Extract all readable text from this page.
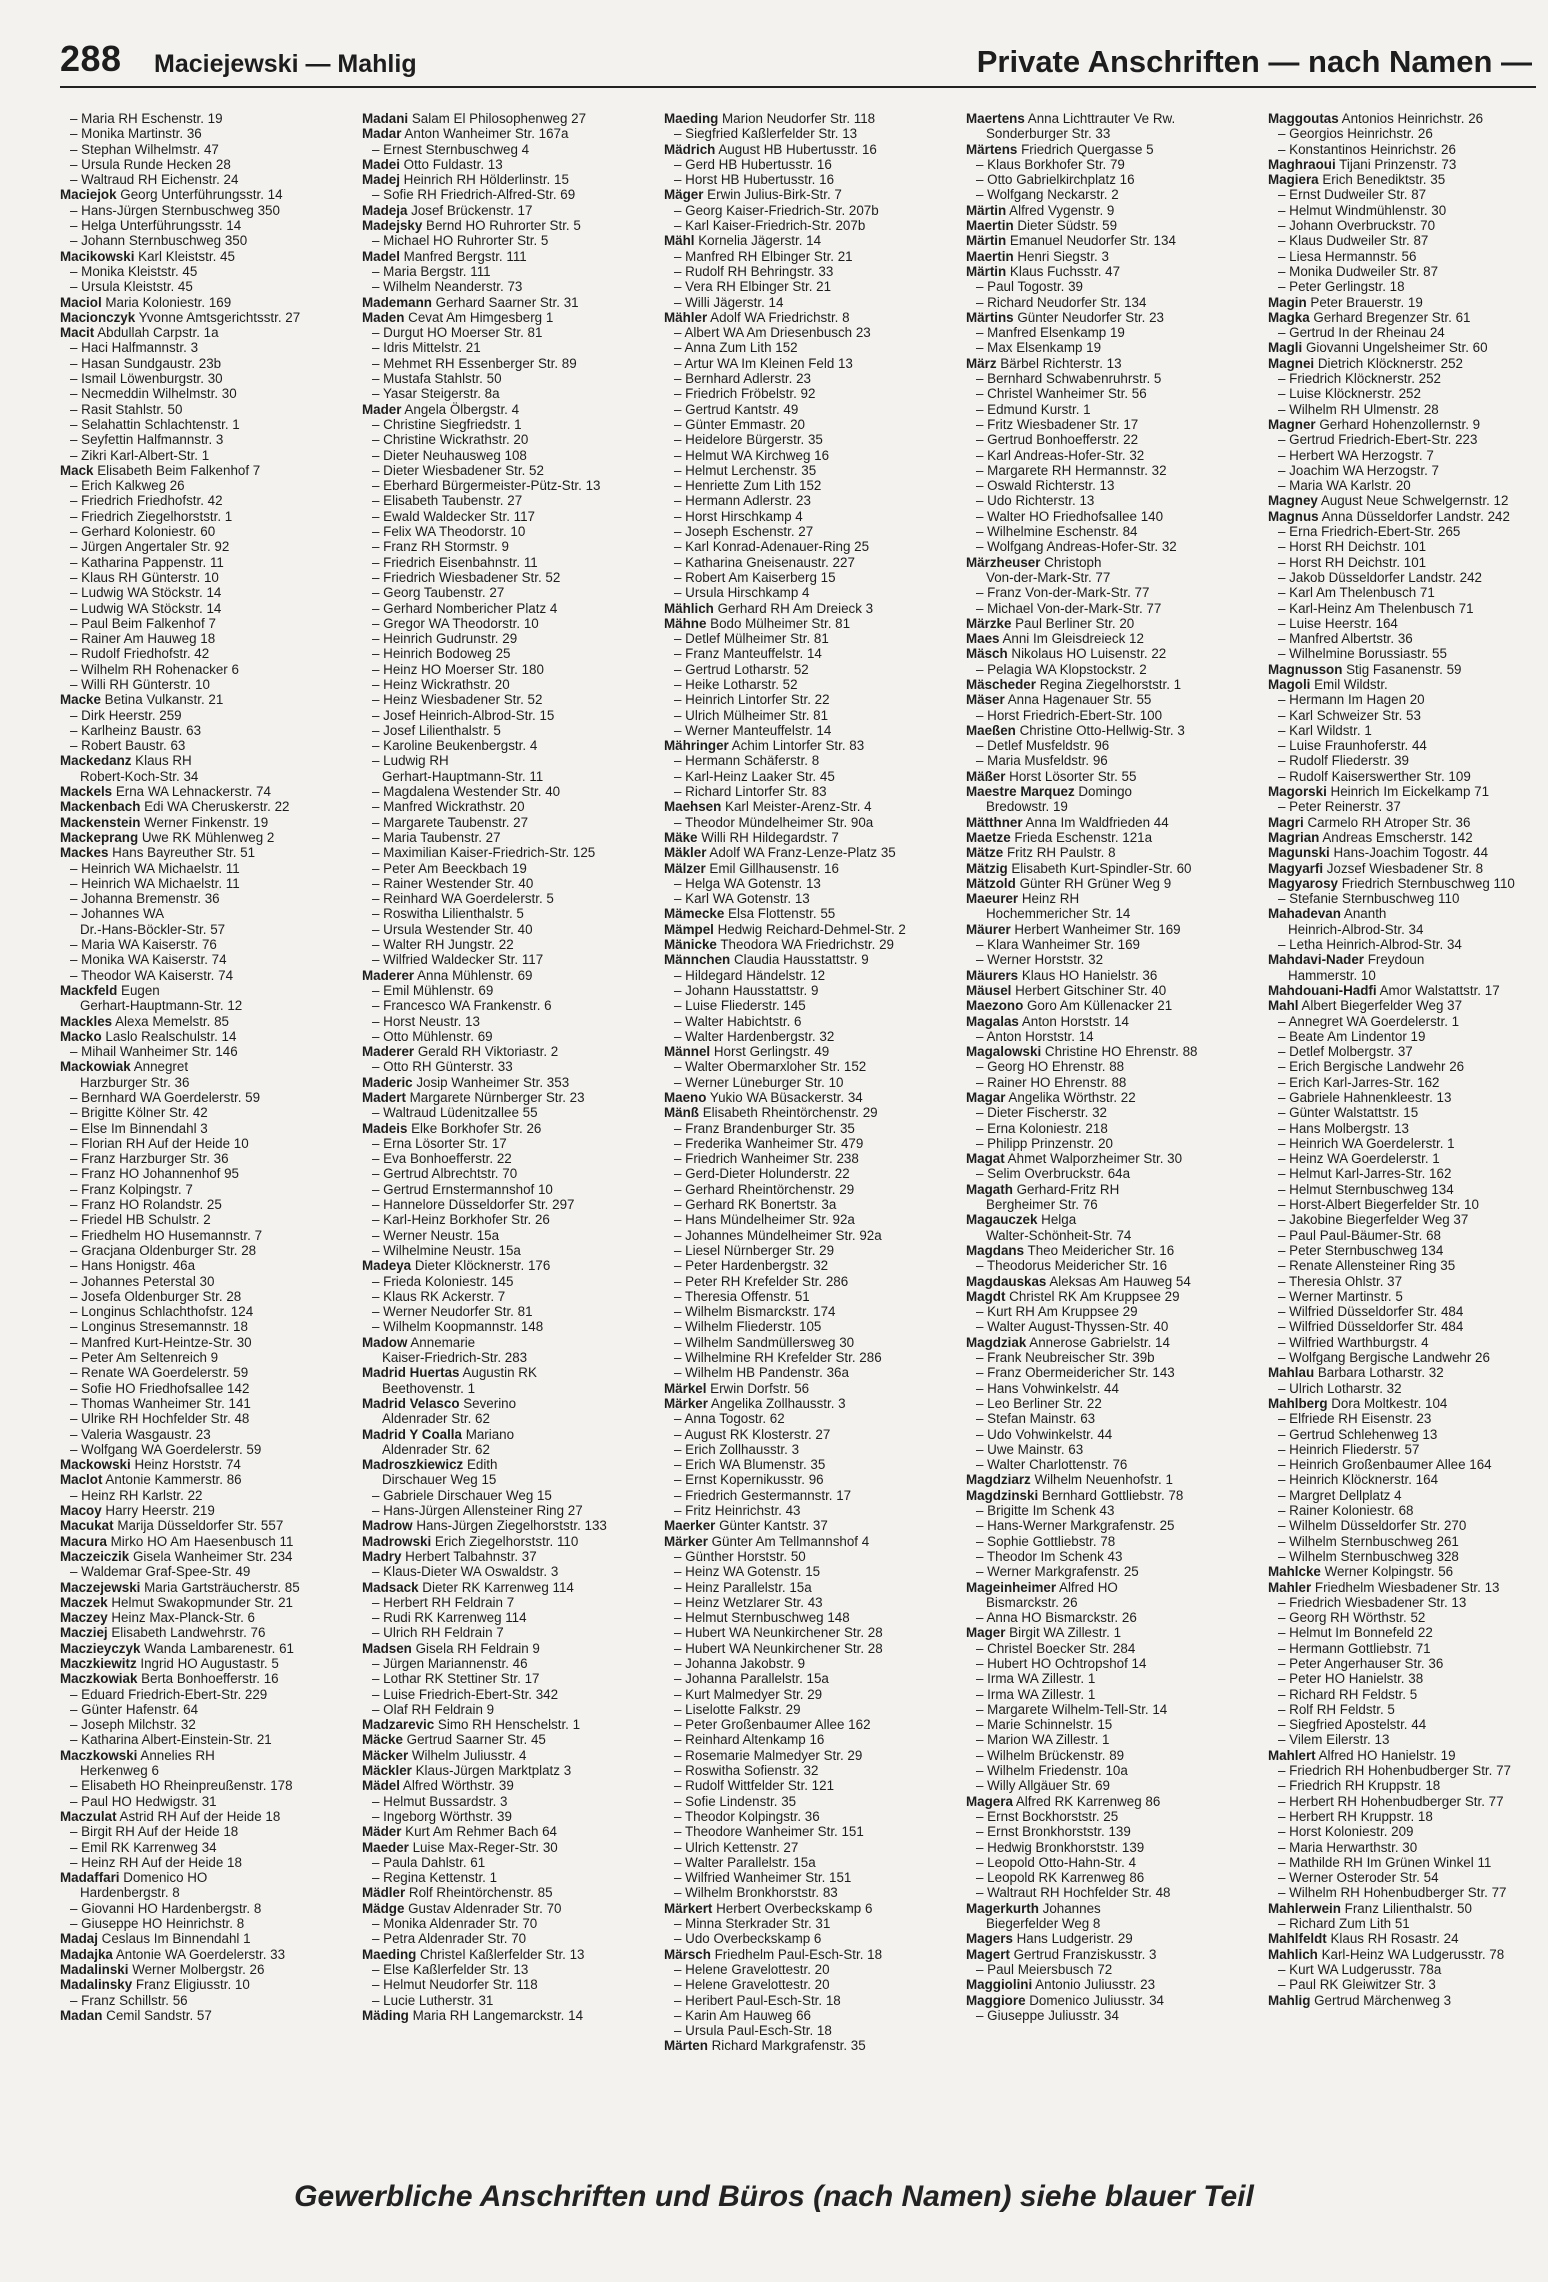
288 Maciejewski — Mahlig	Private Anschriften — nach Namen —
– Maria RH Eschenstr. 19
– Monika Martinstr. 36
– Stephan Wilhelmstr. 47
– Ursula Runde Hecken 28
– Waltraud RH Eichenstr. 24
Maciejok Georg Unterführungsstr. 14
– Hans-Jürgen Sternbuschweg 350
– Helga Unterführungsstr. 14
– Johann Sternbuschweg 350
Macikowski Karl Kleiststr. 45
– Monika Kleiststr. 45
– Ursula Kleiststr. 45
Maciol Maria Koloniestr. 169
Macionczyk Yvonne Amtsgerichtsstr. 27
Macit Abdullah Carpstr. 1a
– Haci Halfmannstr. 3
– Hasan Sundgaustr. 23b
– Ismail Löwenburgstr. 30
– Necmeddin Wilhelmstr. 30
– Rasit Stahlstr. 50
– Selahattin Schlachtenstr. 1
– Seyfettin Halfmannstr. 3
– Zikri Karl-Albert-Str. 1
Mack Elisabeth Beim Falkenhof 7
– Erich Kalkweg 26
– Friedrich Friedhofstr. 42
– Friedrich Ziegelhorststr. 1
– Gerhard Koloniestr. 60
– Jürgen Angertaler Str. 92
– Katharina Pappenstr. 11
– Klaus RH Günterstr. 10
– Ludwig WA Stöckstr. 14
– Ludwig WA Stöckstr. 14
– Paul Beim Falkenhof 7
– Rainer Am Hauweg 18
– Rudolf Friedhofstr. 42
– Wilhelm RH Rohenacker 6
– Willi RH Günterstr. 10
Macke Betina Vulkanstr. 21
– Dirk Heerstr. 259
– Karlheinz Baustr. 63
– Robert Baustr. 63
Mackedanz Klaus RH
Robert-Koch-Str. 34
Mackels Erna WA Lehnackerstr. 74
Mackenbach Edi WA Cheruskerstr. 22
Mackenstein Werner Finkenstr. 19
Mackeprang Uwe RK Mühlenweg 2
Mackes Hans Bayreuther Str. 51
– Heinrich WA Michaelstr. 11
– Heinrich WA Michaelstr. 11
– Johanna Bremenstr. 36
– Johannes WA
Dr.-Hans-Böckler-Str. 57
– Maria WA Kaiserstr. 76
– Monika WA Kaiserstr. 74
– Theodor WA Kaiserstr. 74
Mackfeld Eugen
Gerhart-Hauptmann-Str. 12
Mackles Alexa Memelstr. 85
Macko Laslo Realschulstr. 14
– Mihail Wanheimer Str. 146
Mackowiak Annegret
Harzburger Str. 36
– Bernhard WA Goerdelerstr. 59
– Brigitte Kölner Str. 42
– Else Im Binnendahl 3
– Florian RH Auf der Heide 10
– Franz Harzburger Str. 36
– Franz HO Johannenhof 95
– Franz Kolpingstr. 7
– Franz HO Rolandstr. 25
– Friedel HB Schulstr. 2
– Friedhelm HO Husemannstr. 7
– Gracjana Oldenburger Str. 28
– Hans Honigstr. 46a
– Johannes Peterstal 30
– Josefa Oldenburger Str. 28
– Longinus Schlachthofstr. 124
– Longinus Stresemannstr. 18
– Manfred Kurt-Heintze-Str. 30
– Peter Am Seltenreich 9
– Renate WA Goerdelerstr. 59
– Sofie HO Friedhofsallee 142
– Thomas Wanheimer Str. 141
– Ulrike RH Hochfelder Str. 48
– Valeria Wasgaustr. 23
– Wolfgang WA Goerdelerstr. 59
Mackowski Heinz Horststr. 74
Maclot Antonie Kammerstr. 86
– Heinz RH Karlstr. 22
Macoy Harry Heerstr. 219
Macukat Marija Düsseldorfer Str. 557
Macura Mirko HO Am Haesenbusch 11
Maczeiczik Gisela Wanheimer Str. 234
– Waldemar Graf-Spee-Str. 49
Maczejewski Maria Gartsträucherstr. 85
Maczek Helmut Swakopmunder Str. 21
Maczey Heinz Max-Planck-Str. 6
Macziej Elisabeth Landwehrstr. 76
Maczieyczyk Wanda Lambarenestr. 61
Maczkiewitz Ingrid HO Augustastr. 5
Maczkowiak Berta Bonhoefferstr. 16
– Eduard Friedrich-Ebert-Str. 229
– Günter Hafenstr. 64
– Joseph Milchstr. 32
– Katharina Albert-Einstein-Str. 21
Maczkowski Annelies RH
Herkenweg 6
– Elisabeth HO Rheinpreußenstr. 178
– Paul HO Hedwigstr. 31
Maczulat Astrid RH Auf der Heide 18
– Birgit RH Auf der Heide 18
– Emil RK Karrenweg 34
– Heinz RH Auf der Heide 18
Madaffari Domenico HO
Hardenbergstr. 8
– Giovanni HO Hardenbergstr. 8
– Giuseppe HO Heinrichstr. 8
Madaj Ceslaus Im Binnendahl 1
Madajka Antonie WA Goerdelerstr. 33
Madalinski Werner Molbergstr. 26
Madalinsky Franz Eligiusstr. 10
– Franz Schillstr. 56
Madan Cemil Sandstr. 57
Madani Salam El Philosophenweg 27
Madar Anton Wanheimer Str. 167a
– Ernest Sternbuschweg 4
Madei Otto Fuldastr. 13
Madej Heinrich RH Hölderlinstr. 15
– Sofie RH Friedrich-Alfred-Str. 69
Madeja Josef Brückenstr. 17
Madejsky Bernd HO Ruhrorter Str. 5
– Michael HO Ruhrorter Str. 5
Madel Manfred Bergstr. 111
– Maria Bergstr. 111
– Wilhelm Neanderstr. 73
Mademann Gerhard Saarner Str. 31
Maden Cevat Am Himgesberg 1
– Durgut HO Moerser Str. 81
– Idris Mittelstr. 21
– Mehmet RH Essenberger Str. 89
– Mustafa Stahlstr. 50
– Yasar Steigerstr. 8a
Mader Angela Ölbergstr. 4
– Christine Siegfriedstr. 1
– Christine Wickrathstr. 20
– Dieter Neuhausweg 108
– Dieter Wiesbadener Str. 52
– Eberhard Bürgermeister-Pütz-Str. 13
– Elisabeth Taubenstr. 27
– Ewald Waldecker Str. 117
– Felix WA Theodorstr. 10
– Franz RH Stormstr. 9
– Friedrich Eisenbahnstr. 11
– Friedrich Wiesbadener Str. 52
– Georg Taubenstr. 27
– Gerhard Nombericher Platz 4
– Gregor WA Theodorstr. 10
– Heinrich Gudrunstr. 29
– Heinrich Bodoweg 25
– Heinz HO Moerser Str. 180
– Heinz Wickrathstr. 20
– Heinz Wiesbadener Str. 52
– Josef Heinrich-Albrod-Str. 15
– Josef Lilienthalstr. 5
– Karoline Beukenbergstr. 4
– Ludwig RH
Gerhart-Hauptmann-Str. 11
– Magdalena Westender Str. 40
– Manfred Wickrathstr. 20
– Margarete Taubenstr. 27
– Maria Taubenstr. 27
– Maximilian Kaiser-Friedrich-Str. 125
– Peter Am Beeckbach 19
– Rainer Westender Str. 40
– Reinhard WA Goerdelerstr. 5
– Roswitha Lilienthalstr. 5
– Ursula Westender Str. 40
– Walter RH Jungstr. 22
– Wilfried Waldecker Str. 117
Maderer Anna Mühlenstr. 69
– Emil Mühlenstr. 69
– Francesco WA Frankenstr. 6
– Horst Neustr. 13
– Otto Mühlenstr. 69
Maderer Gerald RH Viktoriastr. 2
– Otto RH Günterstr. 33
Maderic Josip Wanheimer Str. 353
Madert Margarete Nürnberger Str. 23
– Waltraud Lüdenitzallee 55
Madeis Elke Borkhofer Str. 26
– Erna Lösorter Str. 17
– Eva Bonhoefferstr. 22
– Gertrud Albrechtstr. 70
– Gertrud Ernstermannshof 10
– Hannelore Düsseldorfer Str. 297
– Karl-Heinz Borkhofer Str. 26
– Werner Neustr. 15a
– Wilhelmine Neustr. 15a
Madeya Dieter Klöcknerstr. 176
– Frieda Koloniestr. 145
– Klaus RK Ackerstr. 7
– Werner Neudorfer Str. 81
– Wilhelm Koopmannstr. 148
Madow Annemarie
Kaiser-Friedrich-Str. 283
Madrid Huertas Augustin RK
Beethovenstr. 1
Madrid Velasco Severino
Aldenrader Str. 62
Madrid Y Coalla Mariano
Aldenrader Str. 62
Madroszkiewicz Edith
Dirschauer Weg 15
– Gabriele Dirschauer Weg 15
– Hans-Jürgen Allensteiner Ring 27
Madrow Hans-Jürgen Ziegelhorststr. 133
Madrowski Erich Ziegelhorststr. 110
Madry Herbert Talbahnstr. 37
– Klaus-Dieter WA Oswaldstr. 3
Madsack Dieter RK Karrenweg 114
– Herbert RH Feldrain 7
– Rudi RK Karrenweg 114
– Ulrich RH Feldrain 7
Madsen Gisela RH Feldrain 9
– Jürgen Mariannenstr. 46
– Lothar RK Stettiner Str. 17
– Luise Friedrich-Ebert-Str. 342
– Olaf RH Feldrain 9
Madzarevic Simo RH Henschelstr. 1
Mäcke Gertrud Saarner Str. 45
Mäcker Wilhelm Juliusstr. 4
Mäckler Klaus-Jürgen Marktplatz 3
Mädel Alfred Wörthstr. 39
– Helmut Bussardstr. 3
– Ingeborg Wörthstr. 39
Mäder Kurt Am Rehmer Bach 64
Maeder Luise Max-Reger-Str. 30
– Paula Dahlstr. 61
– Regina Kettenstr. 1
Mädler Rolf Rheintörchenstr. 85
Mädge Gustav Aldenrader Str. 70
– Monika Aldenrader Str. 70
– Petra Aldenrader Str. 70
Maeding Christel Kaßlerfelder Str. 13
– Else Kaßlerfelder Str. 13
– Helmut Neudorfer Str. 118
– Lucie Lutherstr. 31
Mäding Maria RH Langemarckstr. 14
Maeding Marion Neudorfer Str. 118
– Siegfried Kaßlerfelder Str. 13
Mädrich August HB Hubertusstr. 16
– Gerd HB Hubertusstr. 16
– Horst HB Hubertusstr. 16
Mäger Erwin Julius-Birk-Str. 7
– Georg Kaiser-Friedrich-Str. 207b
– Karl Kaiser-Friedrich-Str. 207b
Mähl Kornelia Jägerstr. 14
– Manfred RH Elbinger Str. 21
– Rudolf RH Behringstr. 33
– Vera RH Elbinger Str. 21
– Willi Jägerstr. 14
Mähler Adolf WA Friedrichstr. 8
– Albert WA Am Driesenbusch 23
– Anna Zum Lith 152
– Artur WA Im Kleinen Feld 13
– Bernhard Adlerstr. 23
– Friedrich Fröbelstr. 92
– Gertrud Kantstr. 49
– Günter Emmastr. 20
– Heidelore Bürgerstr. 35
– Helmut WA Kirchweg 16
– Helmut Lerchenstr. 35
– Henriette Zum Lith 152
– Hermann Adlerstr. 23
– Horst Hirschkamp 4
– Joseph Eschenstr. 27
– Karl Konrad-Adenauer-Ring 25
– Katharina Gneisenaustr. 227
– Robert Am Kaiserberg 15
– Ursula Hirschkamp 4
Mählich Gerhard RH Am Dreieck 3
Mähne Bodo Mülheimer Str. 81
– Detlef Mülheimer Str. 81
– Franz Manteuffelstr. 14
– Gertrud Lotharstr. 52
– Heike Lotharstr. 52
– Heinrich Lintorfer Str. 22
– Ulrich Mülheimer Str. 81
– Werner Manteuffelstr. 14
Mähringer Achim Lintorfer Str. 83
– Hermann Schäferstr. 8
– Karl-Heinz Laaker Str. 45
– Richard Lintorfer Str. 83
Maehsen Karl Meister-Arenz-Str. 4
– Theodor Mündelheimer Str. 90a
Mäke Willi RH Hildegardstr. 7
Mäkler Adolf WA Franz-Lenze-Platz 35
Mälzer Emil Gillhausenstr. 16
– Helga WA Gotenstr. 13
– Karl WA Gotenstr. 13
Mämecke Elsa Flottenstr. 55
Mämpel Hedwig Reichard-Dehmel-Str. 2
Mänicke Theodora WA Friedrichstr. 29
Männchen Claudia Hausstattstr. 9
– Hildegard Händelstr. 12
– Johann Hausstattstr. 9
– Luise Fliederstr. 145
– Walter Habichtstr. 6
– Walter Hardenbergstr. 32
Männel Horst Gerlingstr. 49
– Walter Obermarxloher Str. 152
– Werner Lüneburger Str. 10
Maeno Yukio WA Büsackerstr. 34
Mänß Elisabeth Rheintörchenstr. 29
– Franz Brandenburger Str. 35
– Frederika Wanheimer Str. 479
– Friedrich Wanheimer Str. 238
– Gerd-Dieter Holunderstr. 22
– Gerhard Rheintörchenstr. 29
– Gerhard RK Bonertstr. 3a
– Hans Mündelheimer Str. 92a
– Johannes Mündelheimer Str. 92a
– Liesel Nürnberger Str. 29
– Peter Hardenbergstr. 32
– Peter RH Krefelder Str. 286
– Theresia Offenstr. 51
– Wilhelm Bismarckstr. 174
– Wilhelm Fliederstr. 105
– Wilhelm Sandmüllersweg 30
– Wilhelmine RH Krefelder Str. 286
– Wilhelm HB Pandenstr. 36a
Märkel Erwin Dorfstr. 56
Märker Angelika Zollhausstr. 3
– Anna Togostr. 62
– August RK Klosterstr. 27
– Erich Zollhausstr. 3
– Erich WA Blumenstr. 35
– Ernst Kopernikusstr. 96
– Friedrich Gestermannstr. 17
– Fritz Heinrichstr. 43
Maerker Günter Kantstr. 37
Märker Günter Am Tellmannshof 4
– Günther Horststr. 50
– Heinz WA Gotenstr. 15
– Heinz Parallelstr. 15a
– Heinz Wetzlarer Str. 43
– Helmut Sternbuschweg 148
– Hubert WA Neunkirchener Str. 28
– Hubert WA Neunkirchener Str. 28
– Johanna Jakobstr. 9
– Johanna Parallelstr. 15a
– Kurt Malmedyer Str. 29
– Liselotte Falkstr. 29
– Peter Großenbaumer Allee 162
– Reinhard Altenkamp 16
– Rosemarie Malmedyer Str. 29
– Roswitha Sofienstr. 32
– Rudolf Wittfelder Str. 121
– Sofie Lindenstr. 35
– Theodor Kolpingstr. 36
– Theodore Wanheimer Str. 151
– Ulrich Kettenstr. 27
– Walter Parallelstr. 15a
– Wilfried Wanheimer Str. 151
– Wilhelm Bronkhorststr. 83
Märkert Herbert Overbeckskamp 6
– Minna Sterkrader Str. 31
– Udo Overbeckskamp 6
Märsch Friedhelm Paul-Esch-Str. 18
– Helene Gravelottestr. 20
– Helene Gravelottestr. 20
– Heribert Paul-Esch-Str. 18
– Karin Am Hauweg 66
– Ursula Paul-Esch-Str. 18
Märten Richard Markgrafenstr. 35
Maertens Anna Lichttrauter Ve Rw.
Sonderburger Str. 33
Märtens Friedrich Quergasse 5
– Klaus Borkhofer Str. 79
– Otto Gabrielkirchplatz 16
– Wolfgang Neckarstr. 2
Märtin Alfred Vygenstr. 9
Maertin Dieter Südstr. 59
Märtin Emanuel Neudorfer Str. 134
Maertin Henri Siegstr. 3
Märtin Klaus Fuchsstr. 47
– Paul Togostr. 39
– Richard Neudorfer Str. 134
Märtins Günter Neudorfer Str. 23
– Manfred Elsenkamp 19
– Max Elsenkamp 19
März Bärbel Richterstr. 13
– Bernhard Schwabenruhrstr. 5
– Christel Wanheimer Str. 56
– Edmund Kurstr. 1
– Fritz Wiesbadener Str. 17
– Gertrud Bonhoefferstr. 22
– Karl Andreas-Hofer-Str. 32
– Margarete RH Hermannstr. 32
– Oswald Richterstr. 13
– Udo Richterstr. 13
– Walter HO Friedhofsallee 140
– Wilhelmine Eschenstr. 84
– Wolfgang Andreas-Hofer-Str. 32
Märzheuser Christoph
Von-der-Mark-Str. 77
– Franz Von-der-Mark-Str. 77
– Michael Von-der-Mark-Str. 77
Märzke Paul Berliner Str. 20
Maes Anni Im Gleisdreieck 12
Mäsch Nikolaus HO Luisenstr. 22
– Pelagia WA Klopstockstr. 2
Mäscheder Regina Ziegelhorststr. 1
Mäser Anna Hagenauer Str. 55
– Horst Friedrich-Ebert-Str. 100
Maeßen Christine Otto-Hellwig-Str. 3
– Detlef Musfeldstr. 96
– Maria Musfeldstr. 96
Mäßer Horst Lösorter Str. 55
Maestre Marquez Domingo
Bredowstr. 19
Mätthner Anna Im Waldfrieden 44
Maetze Frieda Eschenstr. 121a
Mätze Fritz RH Paulstr. 8
Mätzig Elisabeth Kurt-Spindler-Str. 60
Mätzold Günter RH Grüner Weg 9
Maeurer Heinz RH
Hochemmericher Str. 14
Mäurer Herbert Wanheimer Str. 169
– Klara Wanheimer Str. 169
– Werner Horststr. 32
Mäurers Klaus HO Hanielstr. 36
Mäusel Herbert Gitschiner Str. 40
Maezono Goro Am Küllenacker 21
Magalas Anton Horststr. 14
– Anton Horststr. 14
Magalowski Christine HO Ehrenstr. 88
– Georg HO Ehrenstr. 88
– Rainer HO Ehrenstr. 88
Magar Angelika Wörthstr. 22
– Dieter Fischerstr. 32
– Erna Koloniestr. 218
– Philipp Prinzenstr. 20
Magat Ahmet Walporzheimer Str. 30
– Selim Overbruckstr. 64a
Magath Gerhard-Fritz RH
Bergheimer Str. 76
Magauczek Helga
Walter-Schönheit-Str. 74
Magdans Theo Meidericher Str. 16
– Theodorus Meidericher Str. 16
Magdauskas Aleksas Am Hauweg 54
Magdt Christel RK Am Kruppsee 29
– Kurt RH Am Kruppsee 29
– Walter August-Thyssen-Str. 40
Magdziak Annerose Gabrielstr. 14
– Frank Neubreischer Str. 39b
– Franz Obermeidericher Str. 143
– Hans Vohwinkelstr. 44
– Leo Berliner Str. 22
– Stefan Mainstr. 63
– Udo Vohwinkelstr. 44
– Uwe Mainstr. 63
– Walter Charlottenstr. 76
Magdziarz Wilhelm Neuenhofstr. 1
Magdzinski Bernhard Gottliebstr. 78
– Brigitte Im Schenk 43
– Hans-Werner Markgrafenstr. 25
– Sophie Gottliebstr. 78
– Theodor Im Schenk 43
– Werner Markgrafenstr. 25
Mageinheimer Alfred HO
Bismarckstr. 26
– Anna HO Bismarckstr. 26
Mager Birgit WA Zillestr. 1
– Christel Boecker Str. 284
– Hubert HO Ochtropshof 14
– Irma WA Zillestr. 1
– Irma WA Zillestr. 1
– Margarete Wilhelm-Tell-Str. 14
– Marie Schinnelstr. 15
– Marion WA Zillestr. 1
– Wilhelm Brückenstr. 89
– Wilhelm Friedenstr. 10a
– Willy Allgäuer Str. 69
Magera Alfred RK Karrenweg 86
– Ernst Bockhorststr. 25
– Ernst Bronkhorststr. 139
– Hedwig Bronkhorststr. 139
– Leopold Otto-Hahn-Str. 4
– Leopold RK Karrenweg 86
– Waltraut RH Hochfelder Str. 48
Magerkurth Johannes
Biegerfelder Weg 8
Magers Hans Ludgeristr. 29
Magert Gertrud Franziskusstr. 3
– Paul Meiersbusch 72
Maggiolini Antonio Juliusstr. 23
Maggiore Domenico Juliusstr. 34
– Giuseppe Juliusstr. 34
Maggoutas Antonios Heinrichstr. 26
– Georgios Heinrichstr. 26
– Konstantinos Heinrichstr. 26
Maghraoui Tijani Prinzenstr. 73
Magiera Erich Benediktstr. 35
– Ernst Dudweiler Str. 87
– Helmut Windmühlenstr. 30
– Johann Overbruckstr. 70
– Klaus Dudweiler Str. 87
– Liesa Hermannstr. 56
– Monika Dudweiler Str. 87
– Peter Gerlingstr. 18
Magin Peter Brauerstr. 19
Magka Gerhard Bregenzer Str. 61
– Gertrud In der Rheinau 24
Magli Giovanni Ungelsheimer Str. 60
Magnei Dietrich Klöcknerstr. 252
– Friedrich Klöcknerstr. 252
– Luise Klöcknerstr. 252
– Wilhelm RH Ulmenstr. 28
Magner Gerhard Hohenzollernstr. 9
– Gertrud Friedrich-Ebert-Str. 223
– Herbert WA Herzogstr. 7
– Joachim WA Herzogstr. 7
– Maria WA Karlstr. 20
Magney August Neue Schwelgernstr. 12
Magnus Anna Düsseldorfer Landstr. 242
– Erna Friedrich-Ebert-Str. 265
– Horst RH Deichstr. 101
– Horst RH Deichstr. 101
– Jakob Düsseldorfer Landstr. 242
– Karl Am Thelenbusch 71
– Karl-Heinz Am Thelenbusch 71
– Luise Heerstr. 164
– Manfred Albertstr. 36
– Wilhelmine Borussiastr. 55
Magnusson Stig Fasanenstr. 59
Magoli Emil Wildstr.
– Hermann Im Hagen 20
– Karl Schweizer Str. 53
– Karl Wildstr. 1
– Luise Fraunhoferstr. 44
– Rudolf Fliederstr. 39
– Rudolf Kaiserswerther Str. 109
Magorski Heinrich Im Eickelkamp 71
– Peter Reinerstr. 37
Magri Carmelo RH Atroper Str. 36
Magrian Andreas Emscherstr. 142
Magunski Hans-Joachim Togostr. 44
Magyarfi Jozsef Wiesbadener Str. 8
Magyarosy Friedrich Sternbuschweg 110
– Stefanie Sternbuschweg 110
Mahadevan Ananth
Heinrich-Albrod-Str. 34
– Letha Heinrich-Albrod-Str. 34
Mahdavi-Nader Freydoun
Hammerstr. 10
Mahdouani-Hadfi Amor Walstattstr. 17
Mahl Albert Biegerfelder Weg 37
– Annegret WA Goerdelerstr. 1
– Beate Am Lindentor 19
– Detlef Molbergstr. 37
– Erich Bergische Landwehr 26
– Erich Karl-Jarres-Str. 162
– Gabriele Hahnenkleestr. 13
– Günter Walstattstr. 15
– Hans Molbergstr. 13
– Heinrich WA Goerdelerstr. 1
– Heinz WA Goerdelerstr. 1
– Helmut Karl-Jarres-Str. 162
– Helmut Sternbuschweg 134
– Horst-Albert Biegerfelder Str. 10
– Jakobine Biegerfelder Weg 37
– Paul Paul-Bäumer-Str. 68
– Peter Sternbuschweg 134
– Renate Allensteiner Ring 35
– Theresia Ohlstr. 37
– Werner Martinstr. 5
– Wilfried Düsseldorfer Str. 484
– Wilfried Düsseldorfer Str. 484
– Wilfried Warthburgstr. 4
– Wolfgang Bergische Landwehr 26
Mahlau Barbara Lotharstr. 32
– Ulrich Lotharstr. 32
Mahlberg Dora Moltkestr. 104
– Elfriede RH Eisenstr. 23
– Gertrud Schlehenweg 13
– Heinrich Fliederstr. 57
– Heinrich Großenbaumer Allee 164
– Heinrich Klöcknerstr. 164
– Margret Dellplatz 4
– Rainer Koloniestr. 68
– Wilhelm Düsseldorfer Str. 270
– Wilhelm Sternbuschweg 261
– Wilhelm Sternbuschweg 328
Mahlcke Werner Kolpingstr. 56
Mahler Friedhelm Wiesbadener Str. 13
– Friedrich Wiesbadener Str. 13
– Georg RH Wörthstr. 52
– Helmut Im Bonnefeld 22
– Hermann Gottliebstr. 71
– Peter Angerhauser Str. 36
– Peter HO Hanielstr. 38
– Richard RH Feldstr. 5
– Rolf RH Feldstr. 5
– Siegfried Apostelstr. 44
– Vilem Eilerstr. 13
Mahlert Alfred HO Hanielstr. 19
– Friedrich RH Hohenbudberger Str. 77
– Friedrich RH Kruppstr. 18
– Herbert RH Hohenbudberger Str. 77
– Herbert RH Kruppstr. 18
– Horst Koloniestr. 209
– Maria Herwarthstr. 30
– Mathilde RH Im Grünen Winkel 11
– Werner Osteroder Str. 54
– Wilhelm RH Hohenbudberger Str. 77
Mahlerwein Franz Lilienthalstr. 50
– Richard Zum Lith 51
Mahlfeldt Klaus RH Rosastr. 24
Mahlich Karl-Heinz WA Ludgerusstr. 78
– Kurt WA Ludgerusstr. 78a
– Paul RK Gleiwitzer Str. 3
Mahlig Gertrud Märchenweg 3
Gewerbliche Anschriften und Büros (nach Namen) siehe blauer Teil
